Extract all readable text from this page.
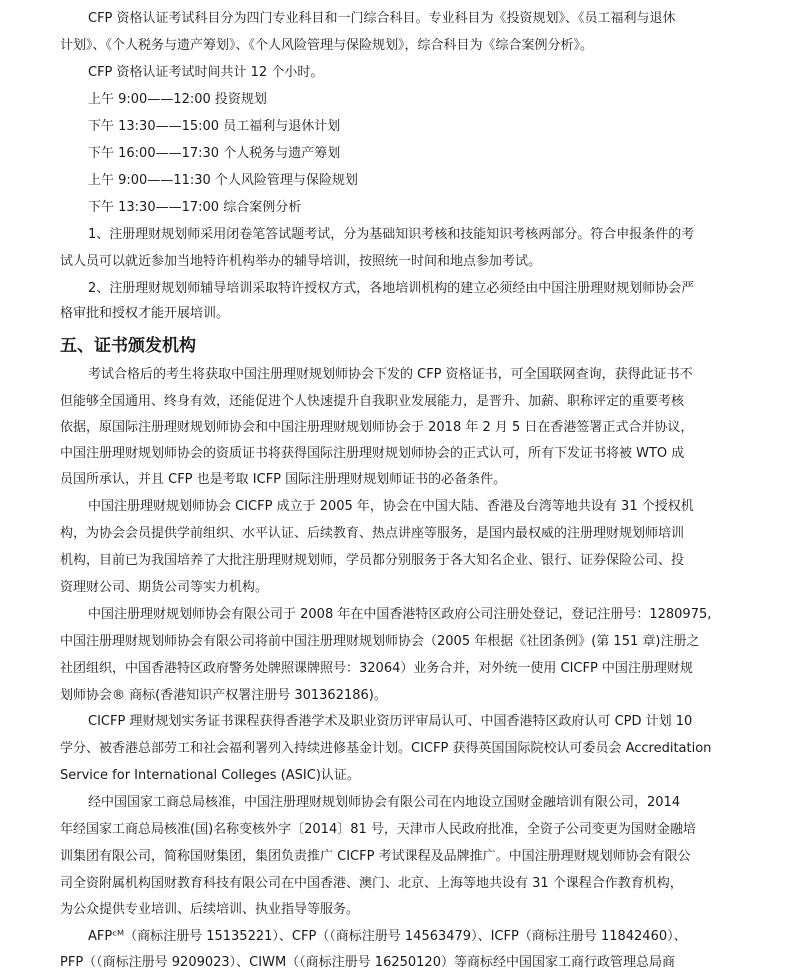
CFP 资格认证考试科目分为四门专业科目和一门综合科目。专业科目为《投资规划》、《员工福利与退休

计划》、《个人税务与遗产筹划》、《个人风险管理与保险规划》，综合科目为《综合案例分析》。

CFP 资格认证考试时间共计 12 个小时。

上午 9:00——12:00 投资规划

下午 13:30——15:00 员工福利与退休计划

下午 16:00——17:30 个人税务与遗产筹划

上午 9:00——11:30 个人风险管理与保险规划

下午 13:30——17:00 综合案例分析

1、注册理财规划师采用闭卷笔答试题考试，分为基础知识考核和技能知识考核两部分。符合申报条件的考

试人员可以就近参加当地特许机构举办的辅导培训，按照统一时间和地点参加考试。

2、注册理财规划师辅导培训采取特许授权方式，各地培训机构的建立必须经由中国注册理财规划师协会严

格审批和授权才能开展培训。

五、证书颁发机构

考试合格后的考生将获取中国注册理财规划师协会下发的 CFP 资格证书，可全国联网查询，获得此证书不

但能够全国通用、终身有效，还能促进个人快速提升自我职业发展能力，是晋升、加薪、职称评定的重要考核

依据，原国际注册理财规划师协会和中国注册理财规划师协会于 2018 年 2 月 5 日在香港签署正式合并协议，

中国注册理财规划师协会的资质证书将获得国际注册理财规划师协会的正式认可，所有下发证书将被 WTO 成

员国所承认，并且 CFP 也是考取 ICFP 国际注册理财规划师证书的必备条件。

中国注册理财规划师协会 CICFP 成立于 2005 年，协会在中国大陆、香港及台湾等地共设有 31 个授权机

构，为协会会员提供学前组织、水平认证、后续教育、热点讲座等服务，是国内最权威的注册理财规划师培训

机构，目前已为我国培养了大批注册理财规划师，学员都分别服务于各大知名企业、银行、证券保险公司、投

资理财公司、期货公司等实力机构。

中国注册理财规划师协会有限公司于 2008 年在中国香港特区政府公司注册处登记，登记注册号：1280975,

中国注册理财规划师协会有限公司将前中国注册理财规划师协会（2005 年根据《社团条例》(第 151 章)注册之

社团组织，中国香港特区政府警务处牌照课牌照号：32064）业务合并，对外统一使用 CICFP 中国注册理财规

划师协会® 商标(香港知识产权署注册号 301362186)。

CICFP 理财规划实务证书课程获得香港学术及职业资历评审局认可、中国香港特区政府认可 CPD 计划 10

学分、被香港总部劳工和社会福利署列入持续进修基金计划。CICFP 获得英国国际院校认可委员会 Accreditation

Service for International Colleges (ASIC)认证。

经中国国家工商总局核准，中国注册理财规划师协会有限公司在内地设立国财金融培训有限公司，2014

年经国家工商总局核准(国)名称变核外字〔2014〕81 号，天津市人民政府批准，全资子公司变更为国财金融培

训集团有限公司，简称国财集团，集团负责推广 CICFP 考试课程及品牌推广。中国注册理财规划师协会有限公

司全资附属机构国财教育科技有限公司在中国香港、澳门、北京、上海等地共设有 31 个课程合作教育机构，

为公众提供专业培训、后续培训、执业指导等服务。

AFPᶜᴹ（商标注册号 15135221）、CFP（（商标注册号 14563479）、ICFP（商标注册号 11842460）、

PFP（（商标注册号 9209023）、CIWM（（商标注册号 16250120）等商标经中国国家工商行政管理总局商
